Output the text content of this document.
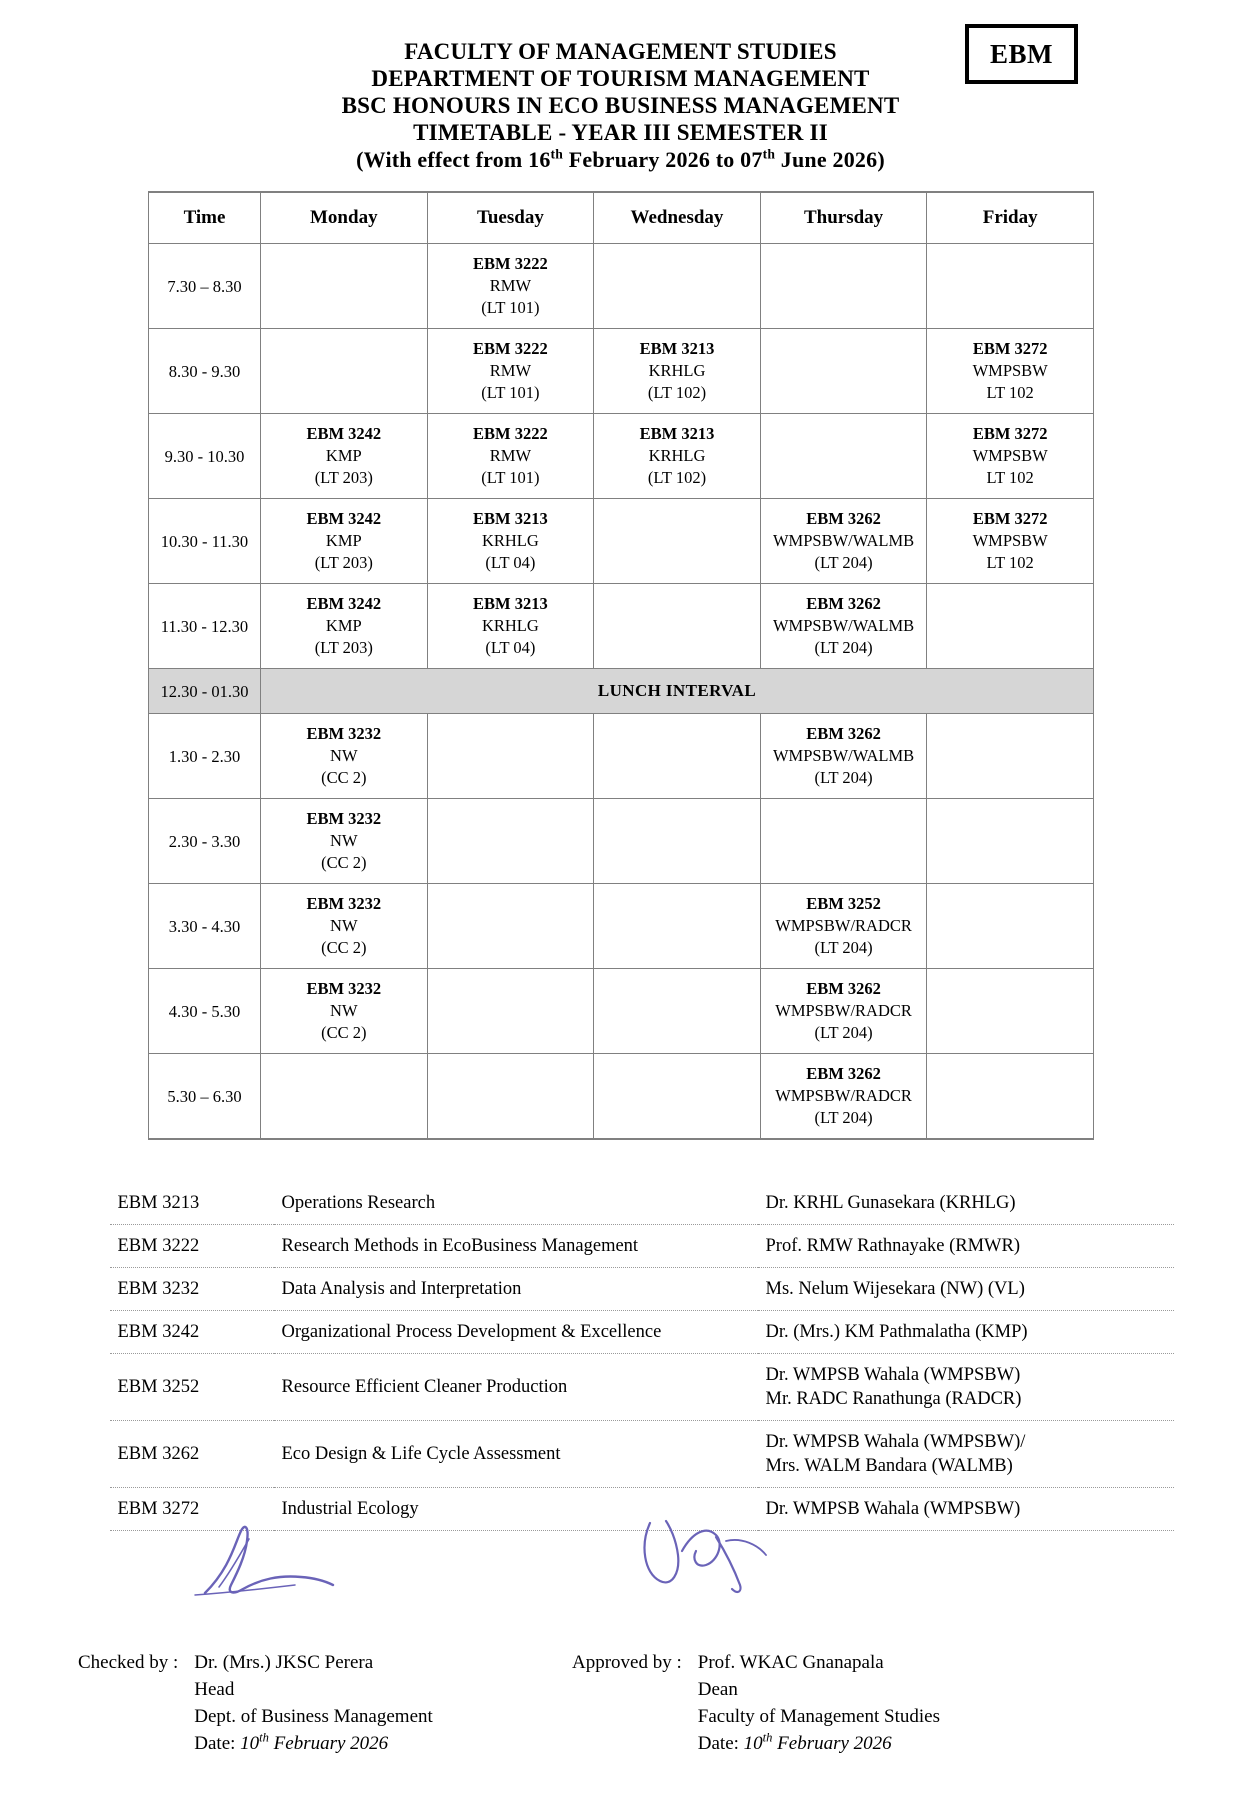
EBM
FACULTY OF MANAGEMENT STUDIES
DEPARTMENT OF TOURISM MANAGEMENT
BSC HONOURS IN ECO BUSINESS MANAGEMENT
TIMETABLE - YEAR III SEMESTER II
(With effect from 16th February 2026 to 07th June 2026)
Time	Monday	Tuesday	Wednesday	Thursday	Friday
7.30 – 8.30		EBM 3222
RMW
(LT 101)			

8.30 - 9.30		EBM 3222
RMW
(LT 101)	EBM 3213
KRHLG
(LT 102)		EBM 3272
WMPSBW
LT 102

9.30 - 10.30	EBM 3242
KMP
(LT 203)	EBM 3222
RMW
(LT 101)	EBM 3213
KRHLG
(LT 102)		EBM 3272
WMPSBW
LT 102

10.30 - 11.30	EBM 3242
KMP
(LT 203)	EBM 3213
KRHLG
(LT 04)		EBM 3262
WMPSBW/WALMB
(LT 204)	EBM 3272
WMPSBW
LT 102

11.30 - 12.30	EBM 3242
KMP
(LT 203)	EBM 3213
KRHLG
(LT 04)		EBM 3262
WMPSBW/WALMB
(LT 204)	

12.30 - 01.30	LUNCH INTERVAL				
1.30 - 2.30	EBM 3232
NW
(CC 2)			EBM 3262
WMPSBW/WALMB
(LT 204)	

2.30 - 3.30	EBM 3232
NW
(CC 2)				

3.30 - 4.30	EBM 3232
NW
(CC 2)			EBM 3252
WMPSBW/RADCR
(LT 204)	

4.30 - 5.30	EBM 3232
NW
(CC 2)			EBM 3262
WMPSBW/RADCR
(LT 204)	

5.30 – 6.30				EBM 3262
WMPSBW/RADCR
(LT 204)	

EBM 3213	Operations Research	Dr. KRHL Gunasekara (KRHLG)

EBM 3222	Research Methods in EcoBusiness Management	Prof. RMW Rathnayake (RMWR)

EBM 3232	Data Analysis and Interpretation	Ms. Nelum Wijesekara (NW) (VL)

EBM 3242	Organizational Process Development & Excellence	Dr. (Mrs.) KM Pathmalatha (KMP)

EBM 3252	Resource Efficient Cleaner Production	Dr. WMPSB Wahala (WMPSBW)
Mr. RADC Ranathunga (RADCR)

EBM 3262	Eco Design & Life Cycle Assessment	Dr. WMPSB Wahala (WMPSBW)/
Mrs. WALM Bandara (WALMB)

EBM 3272	Industrial Ecology	Dr. WMPSB Wahala (WMPSBW)
Checked by : Dr. (Mrs.) JKSC Perera
Head
Dept. of Business Management
Date: 10th February 2026
Approved by : Prof. WKAC Gnanapala
Dean
Faculty of Management Studies
Date: 10th February 2026
